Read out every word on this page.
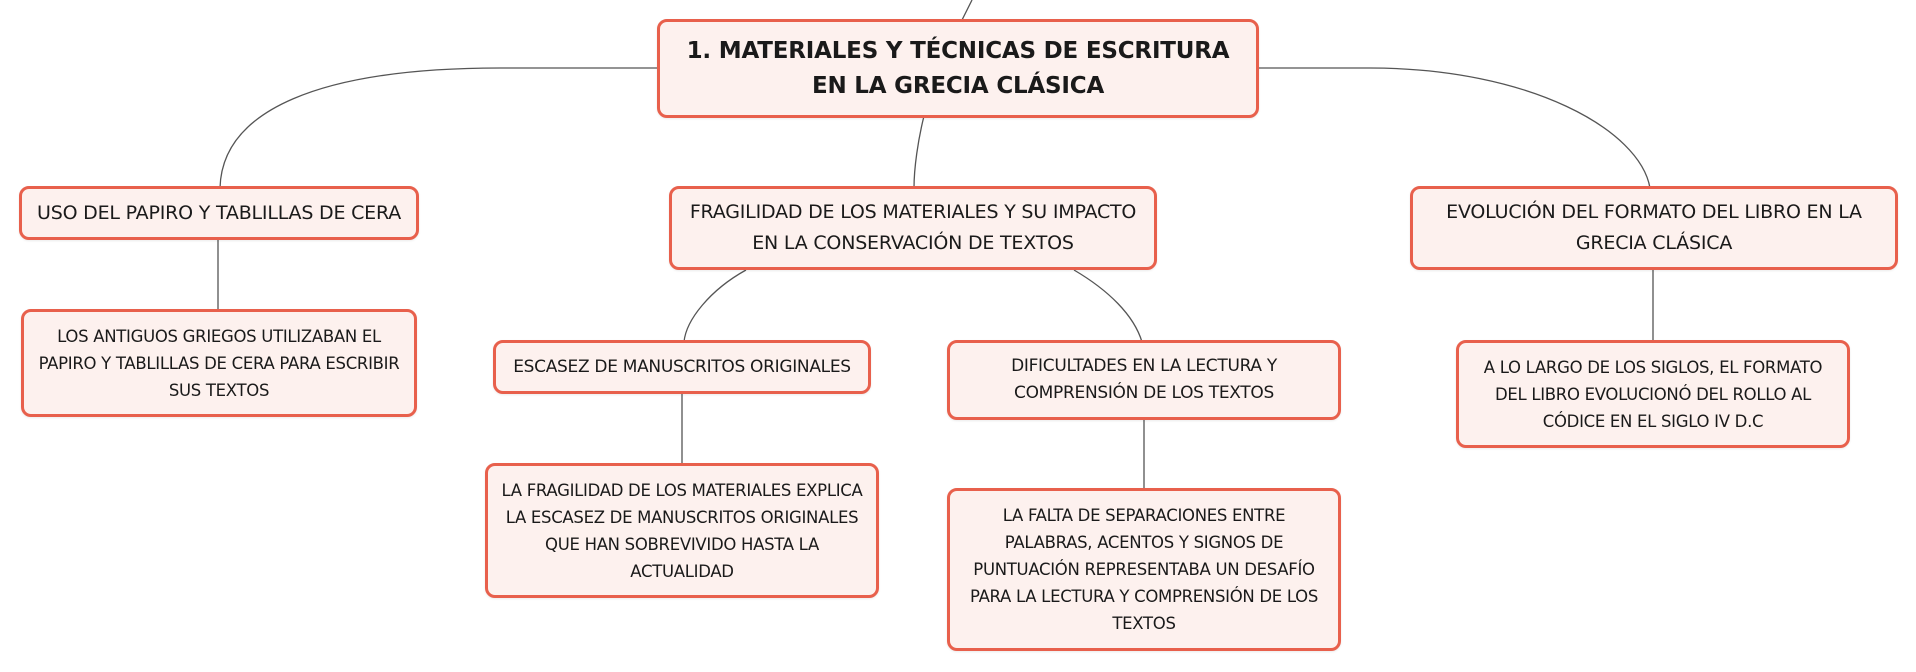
1. MATERIALES Y TÉCNICAS DE ESCRITURA EN LA GRECIA CLÁSICA
USO DEL PAPIRO Y TABLILLAS DE CERA	FRAGILIDAD DE LOS MATERIALES Y SU IMPACTO EN LA CONSERVACIÓN DE TEXTOS
EVOLUCIÓN DEL FORMATO DEL LIBRO EN LA GRECIA CLÁSICA
LOS ANTIGUOS GRIEGOS UTILIZABAN EL PAPIRO Y TABLILLAS DE CERA PARA ESCRIBIR SUS TEXTOS
ESCASEZ DE MANUSCRITOS ORIGINALES	DIFICULTADES EN LA LECTURA Y COMPRENSIÓN DE LOS TEXTOS
LA FRAGILIDAD DE LOS MATERIALES EXPLICA LA ESCASEZ DE MANUSCRITOS ORIGINALES QUE HAN SOBREVIVIDO HASTA LA ACTUALIDAD
LA FALTA DE SEPARACIONES ENTRE PALABRAS, ACENTOS Y SIGNOS DE PUNTUACIÓN REPRESENTABA UN DESAFÍO PARA LA LECTURA Y COMPRENSIÓN DE LOS TEXTOS
A LO LARGO DE LOS SIGLOS, EL FORMATO DEL LIBRO EVOLUCIONÓ DEL ROLLO AL CÓDICE EN EL SIGLO IV D.C
